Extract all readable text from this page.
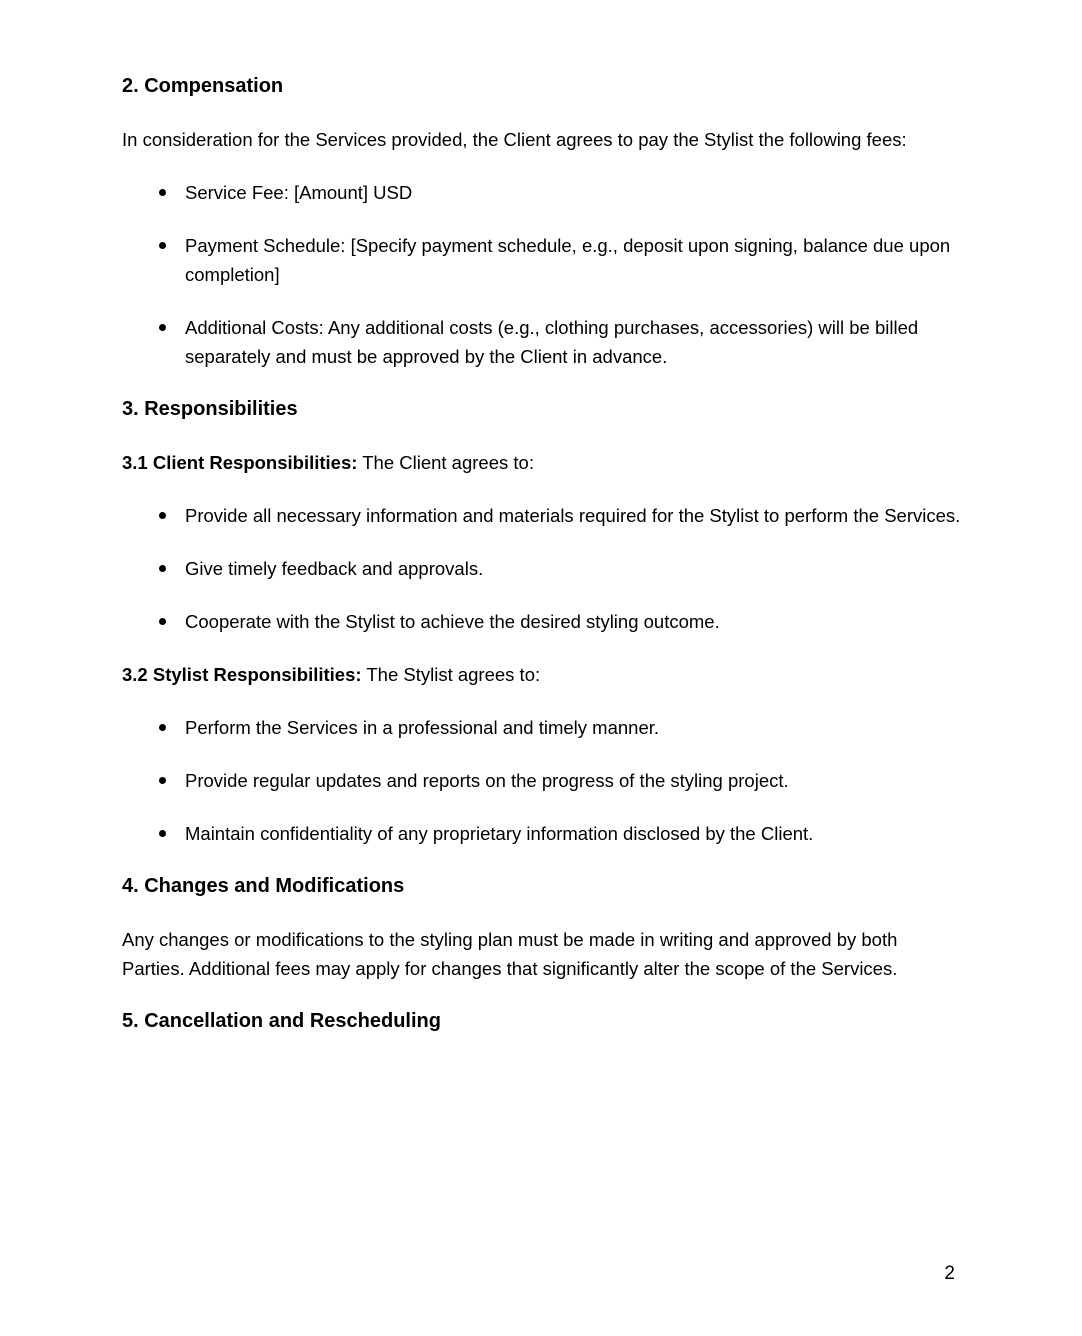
2. Compensation

In consideration for the Services provided, the Client agrees to pay the Stylist the following fees:

Service Fee: [Amount] USD
Payment Schedule: [Specify payment schedule, e.g., deposit upon signing, balance due upon completion]
Additional Costs: Any additional costs (e.g., clothing purchases, accessories) will be billed separately and must be approved by the Client in advance.
3. Responsibilities

3.1 Client Responsibilities: The Client agrees to:

Provide all necessary information and materials required for the Stylist to perform the Services.
Give timely feedback and approvals.
Cooperate with the Stylist to achieve the desired styling outcome.

3.2 Stylist Responsibilities: The Stylist agrees to:

Perform the Services in a professional and timely manner.
Provide regular updates and reports on the progress of the styling project.
Maintain confidentiality of any proprietary information disclosed by the Client.
4. Changes and Modifications

Any changes or modifications to the styling plan must be made in writing and approved by both Parties. Additional fees may apply for changes that significantly alter the scope of the Services.

5. Cancellation and Rescheduling
2
